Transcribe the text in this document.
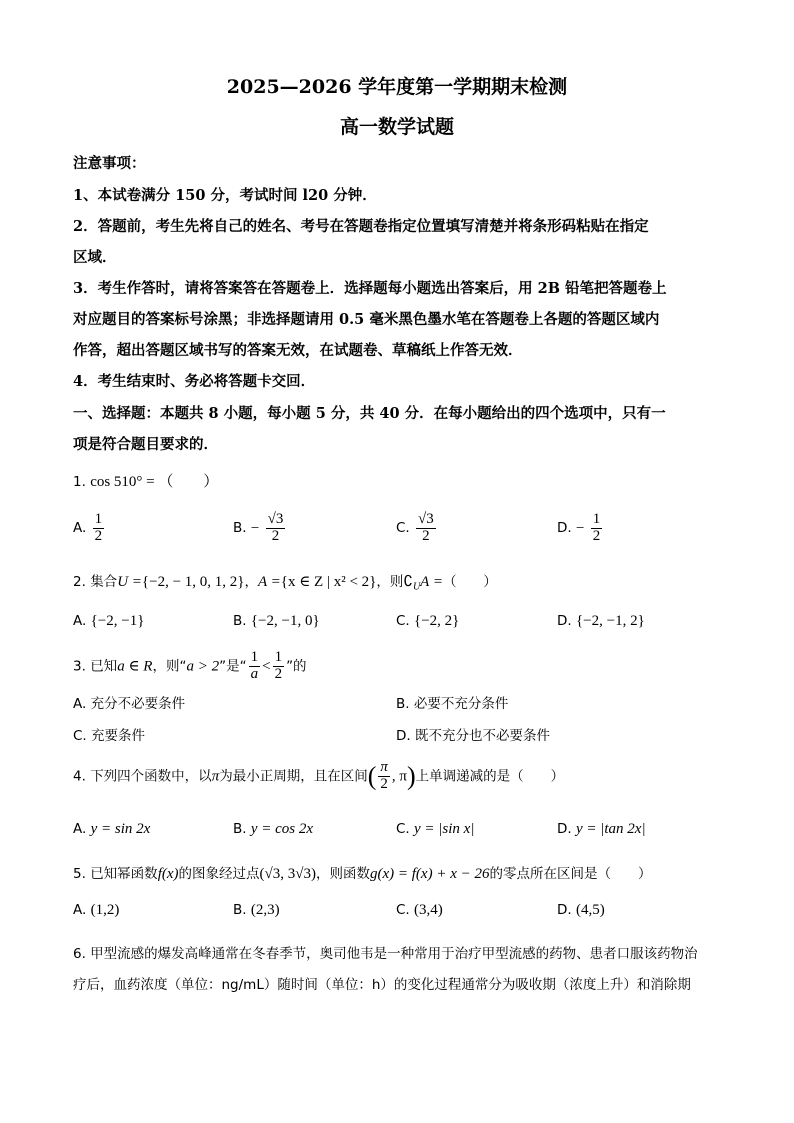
2025—2026 学年度第一学期期末检测
高一数学试题
注意事项：
1、本试卷满分 150 分，考试时间 l20 分钟．
2．答题前，考生先将自己的姓名、考号在答题卷指定位置填写清楚并将条形码粘贴在指定
区域．
3．考生作答时，请将答案答在答题卷上．选择题每小题选出答案后，用 2B 铅笔把答题卷上
对应题目的答案标号涂黑；非选择题请用 0.5 毫米黑色墨水笔在答题卷上各题的答题区域内
作答，超出答题区域书写的答案无效，在试题卷、草稿纸上作答无效．
4．考生结束时、务必将答题卡交回．
一、选择题：本题共 8 小题，每小题 5 分，共 40 分．在每小题给出的四个选项中，只有一
项是符合题目要求的．
1. cos 510° = （　　）
A. $\frac{1}{2}$	B. − $\frac{√3}{2}$	C. $\frac{√3}{2}$	D. − $\frac{1}{2}$
2. 集合U ={−2, − 1, 0, 1, 2}，A ={x ∈ Z | x² < 2}，则$∁_UA$ =（　　）
A. {−2, −1}	B. {−2, −1, 0}	C. {−2, 2}	D. {−2, −1, 2}
3. 已知a ∈ R，则“a > 2”是“ $\frac{1}{a} < \frac{1}{2}$ ”的
A. 充分不必要条件	B. 必要不充分条件
C. 充要条件	D. 既不充分也不必要条件
4. 下列四个函数中，以π为最小正周期，且在区间( $\frac{\pi}{2}$ , π)上单调递减的是（　　）
A. y = sin 2x	B. y = cos 2x	C. y = |sin x|	D. y = |tan 2x|
5. 已知幂函数f(x)的图象经过点(√3, 3√3)，则函数g(x) = f(x) + x − 26的零点所在区间是（　　）
A. (1,2)	B. (2,3)	C. (3,4)	D. (4,5)
6. 甲型流感的爆发高峰通常在冬春季节，奥司他韦是一种常用于治疗甲型流感的药物、患者口服该药物治
疗后，血药浓度（单位：ng/mL）随时间（单位：h）的变化过程通常分为吸收期（浓度上升）和消除期
